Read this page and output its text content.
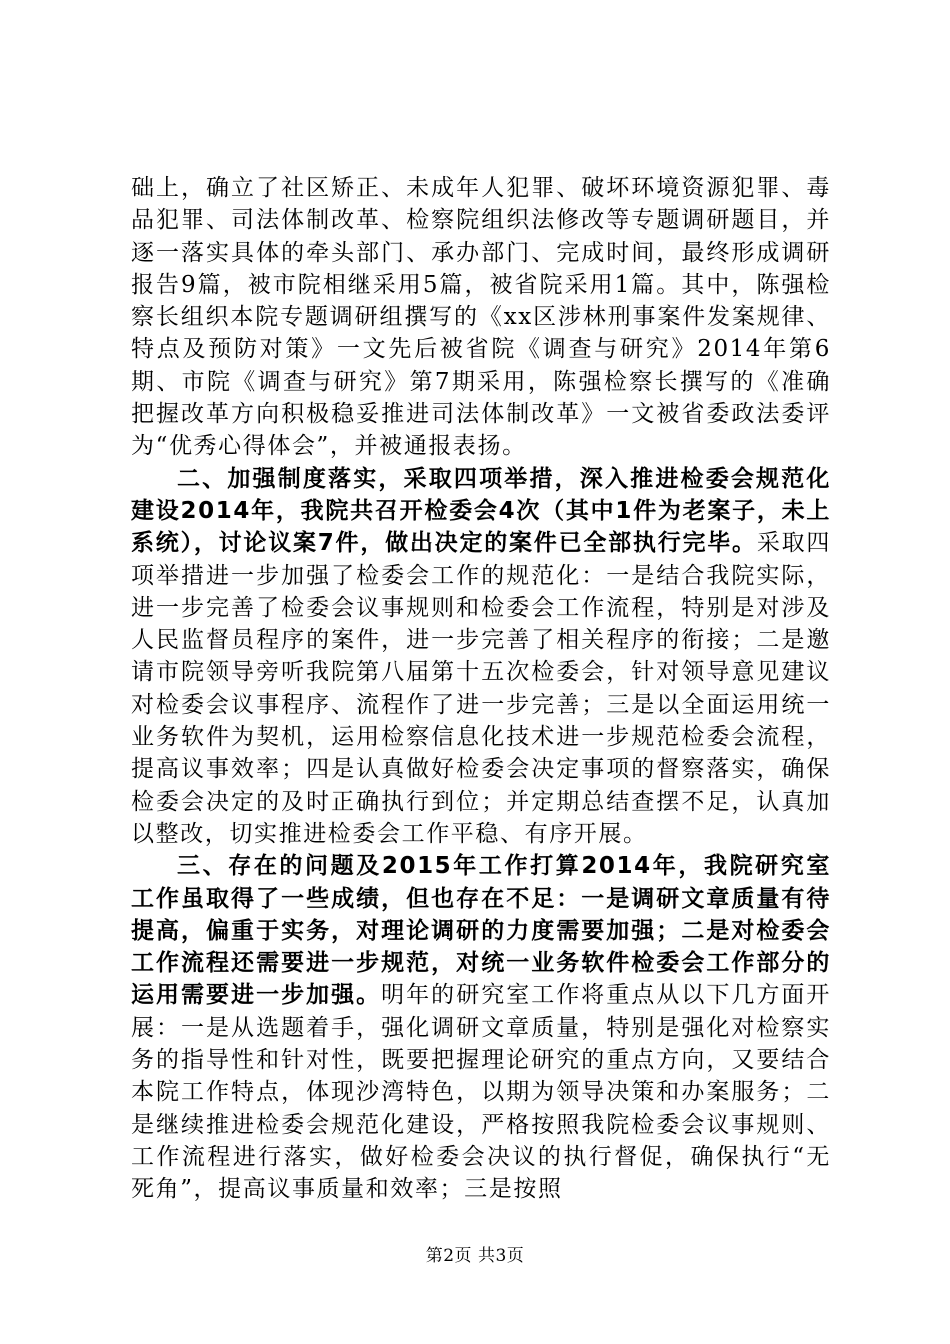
础上，确立了社区矫正、未成年人犯罪、破坏环境资源犯罪、毒品犯罪、司法体制改革、检察院组织法修改等专题调研题目，并逐一落实具体的牵头部门、承办部门、完成时间，最终形成调研报告9篇，被市院相继采用5篇，被省院采用1篇。其中，陈强检察长组织本院专题调研组撰写的《xx区涉林刑事案件发案规律、特点及预防对策》一文先后被省院《调查与研究》2014年第6期、市院《调查与研究》第7期采用，陈强检察长撰写的《准确把握改革方向积极稳妥推进司法体制改革》一文被省委政法委评为“优秀心得体会”，并被通报表扬。

二、加强制度落实，采取四项举措，深入推进检委会规范化建设2014年，我院共召开检委会4次（其中1件为老案子，未上系统），讨论议案7件，做出决定的案件已全部执行完毕。采取四项举措进一步加强了检委会工作的规范化：一是结合我院实际，进一步完善了检委会议事规则和检委会工作流程，特别是对涉及人民监督员程序的案件，进一步完善了相关程序的衔接；二是邀请市院领导旁听我院第八届第十五次检委会，针对领导意见建议对检委会议事程序、流程作了进一步完善；三是以全面运用统一业务软件为契机，运用检察信息化技术进一步规范检委会流程，提高议事效率；四是认真做好检委会决定事项的督察落实，确保检委会决定的及时正确执行到位；并定期总结查摆不足，认真加以整改，切实推进检委会工作平稳、有序开展。

三、存在的问题及2015年工作打算2014年，我院研究室工作虽取得了一些成绩，但也存在不足：一是调研文章质量有待提高，偏重于实务，对理论调研的力度需要加强；二是对检委会工作流程还需要进一步规范，对统一业务软件检委会工作部分的运用需要进一步加强。明年的研究室工作将重点从以下几方面开展：一是从选题着手，强化调研文章质量，特别是强化对检察实务的指导性和针对性，既要把握理论研究的重点方向，又要结合本院工作特点，体现沙湾特色，以期为领导决策和办案服务；二是继续推进检委会规范化建设，严格按照我院检委会议事规则、工作流程进行落实，做好检委会决议的执行督促，确保执行“无死角”，提高议事质量和效率；三是按照

第2页 共3页
